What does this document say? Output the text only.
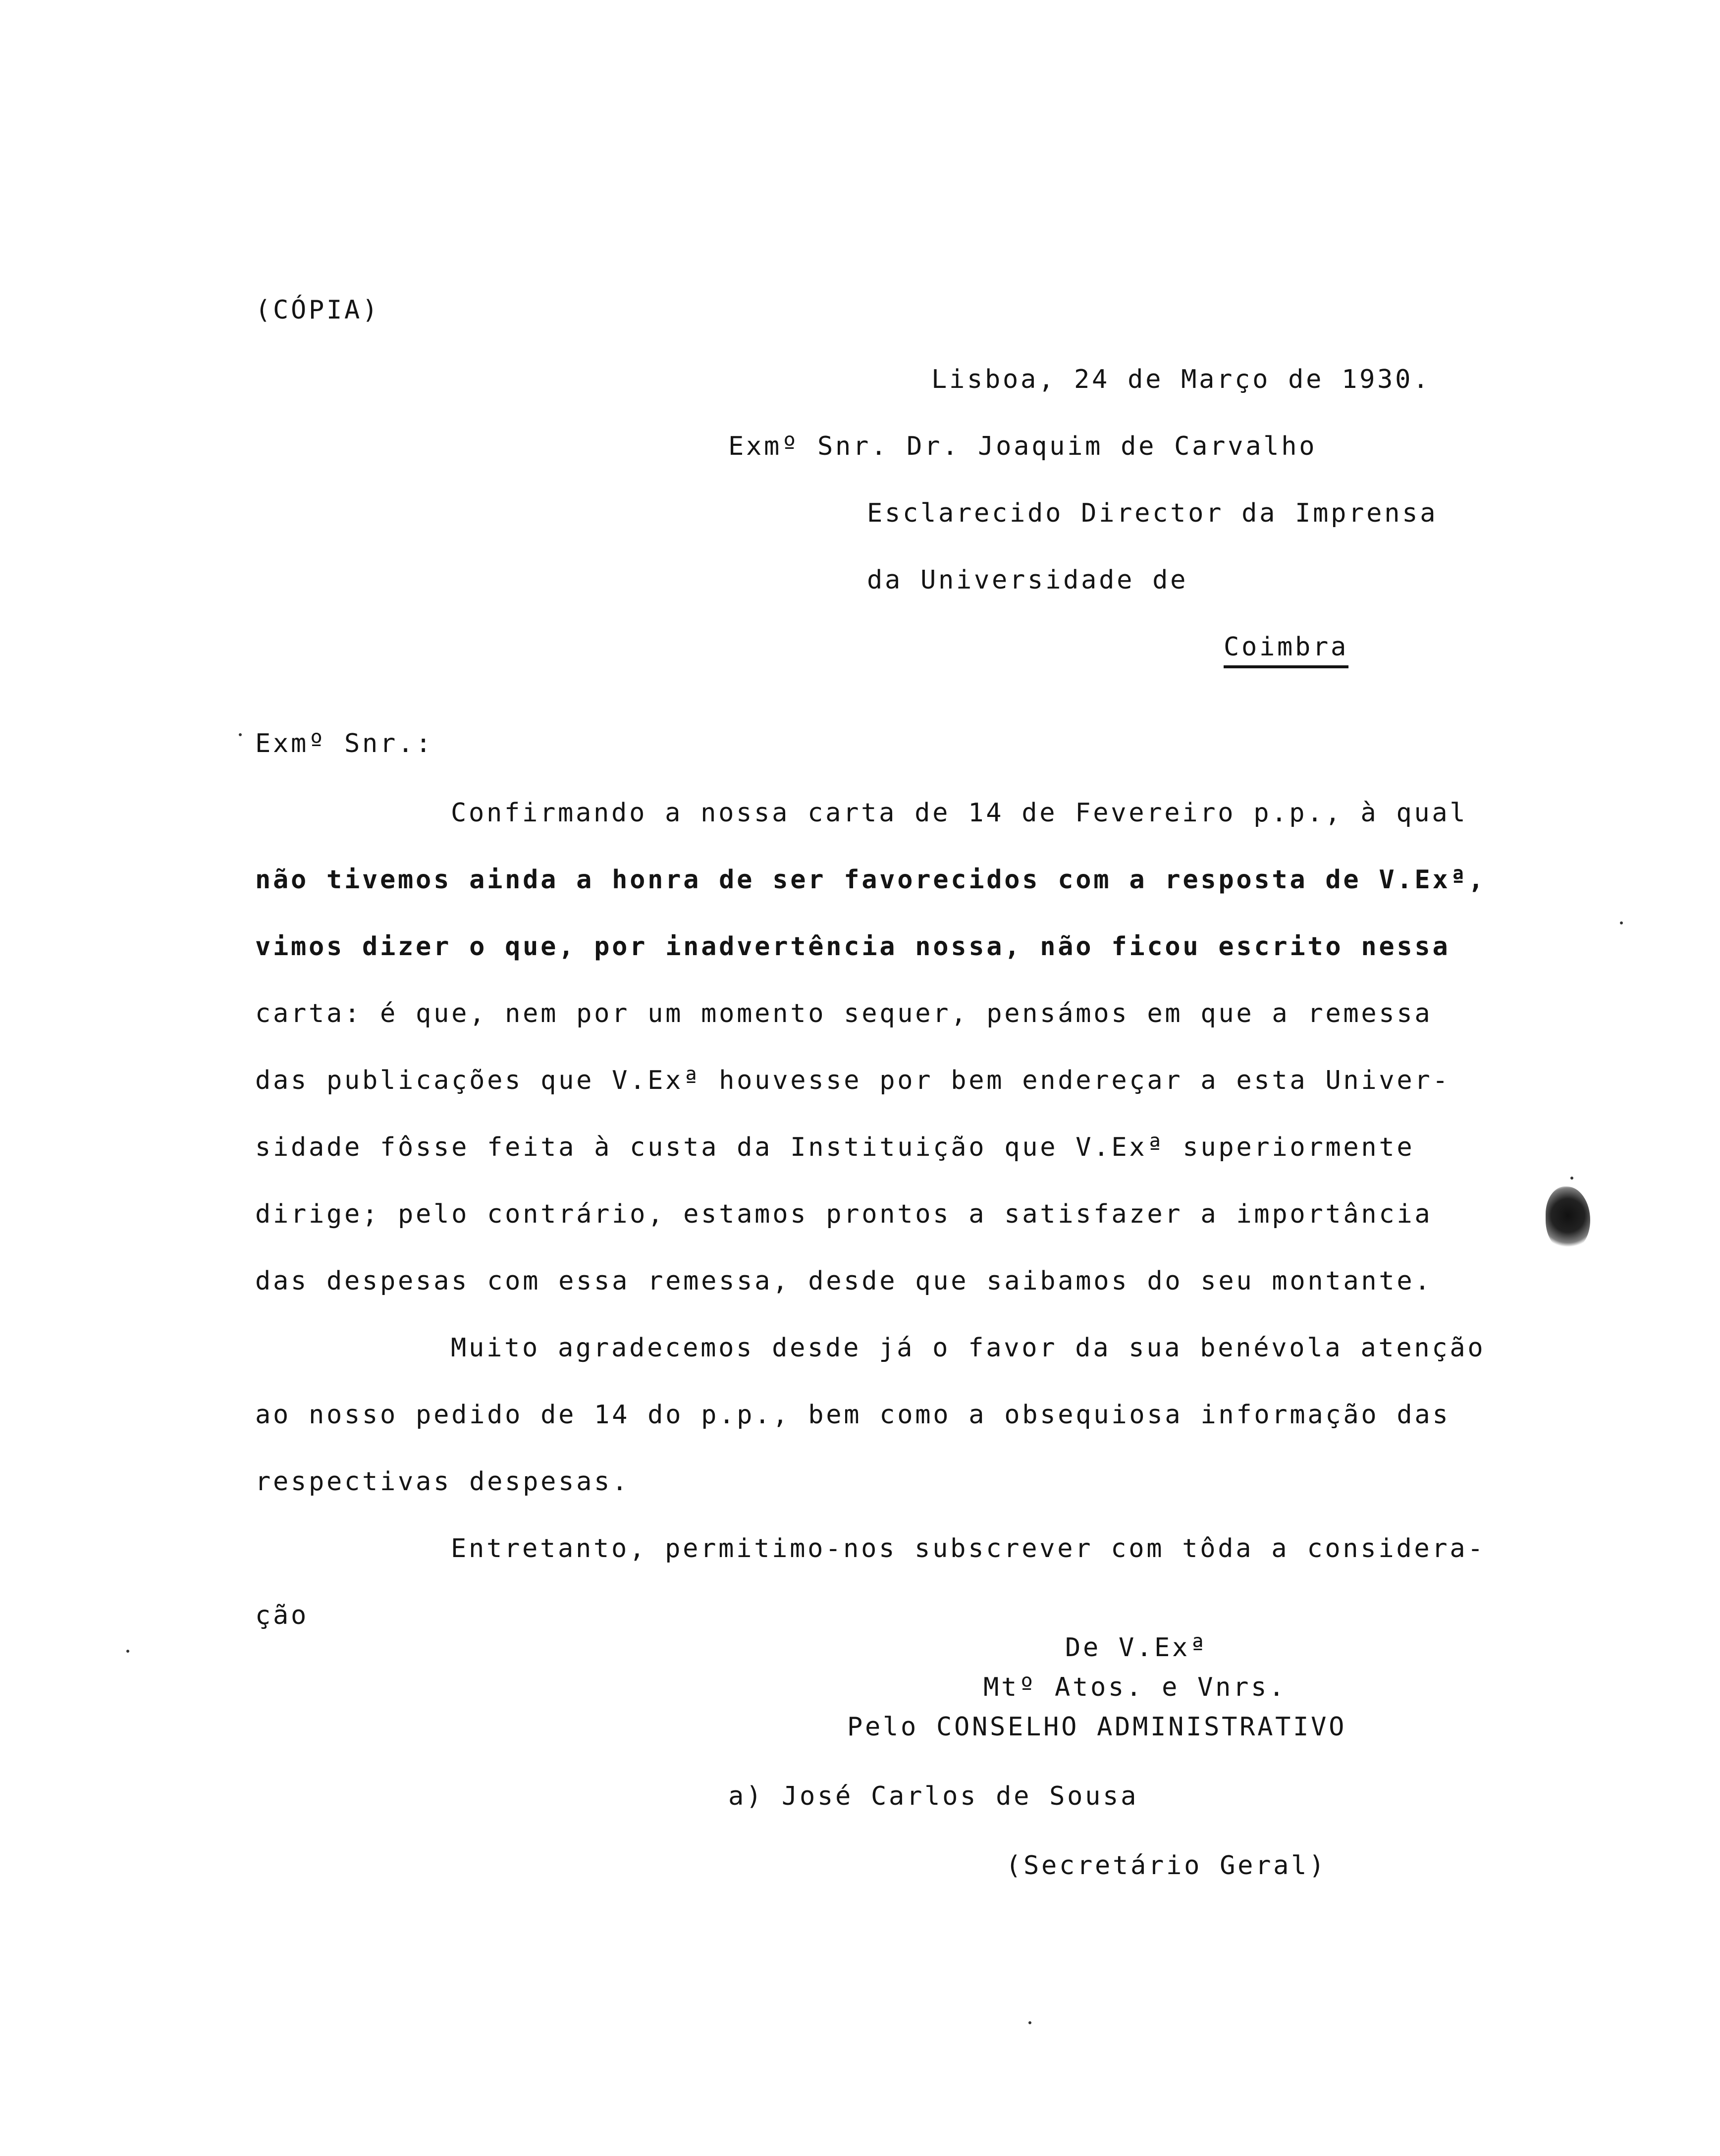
(CÓPIA)
Lisboa, 24 de Março de 1930.
Exmº Snr. Dr. Joaquim de Carvalho
Esclarecido Director da Imprensa
da Universidade de
Coimbra
Exmº Snr.:
Confirmando a nossa carta de 14 de Fevereiro p.p., à qual
não tivemos ainda a honra de ser favorecidos com a resposta de V.Exª,
vimos dizer o que, por inadvertência nossa, não ficou escrito nessa
carta: é que, nem por um momento sequer, pensámos em que a remessa
das publicações que V.Exª houvesse por bem endereçar a esta Univer-
sidade fôsse feita à custa da Instituição que V.Exª superiormente
dirige; pelo contrário, estamos prontos a satisfazer a importância
das despesas com essa remessa, desde que saibamos do seu montante.
Muito agradecemos desde já o favor da sua benévola atenção
ao nosso pedido de 14 do p.p., bem como a obsequiosa informação das
respectivas despesas.
Entretanto, permitimo-nos subscrever com tôda a considera-
ção
De V.Exª
Mtº Atos. e Vnrs.
Pelo CONSELHO ADMINISTRATIVO
a) José Carlos de Sousa
(Secretário Geral)
